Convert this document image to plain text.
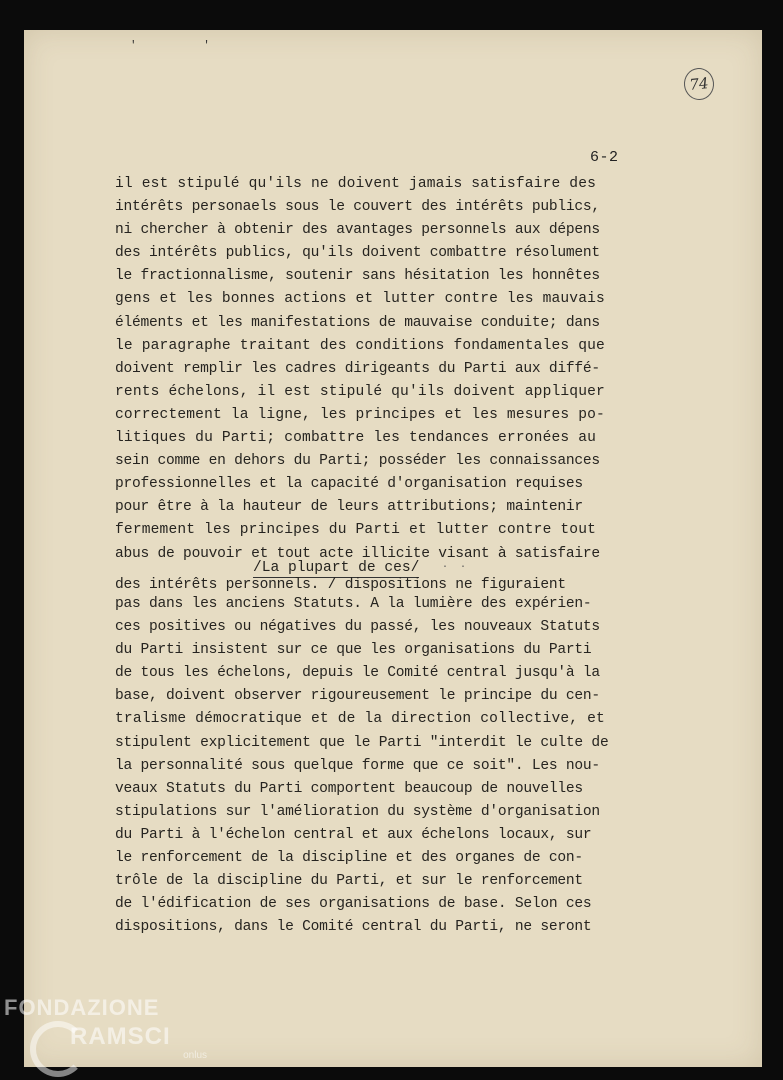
' '
74
6-2
il est stipulé qu'ils ne doivent jamais satisfaire des
intérêts personaels sous le couvert des intérêts publics,
ni chercher à obtenir des avantages personnels aux dépens
des intérêts publics, qu'ils doivent combattre résolument
le fractionnalisme, soutenir sans hésitation les honnêtes
gens et les bonnes actions et lutter contre les mauvais
éléments et les manifestations de mauvaise conduite; dans
le paragraphe traitant des conditions fondamentales que
doivent remplir les cadres dirigeants du Parti aux diffé-
rents échelons, il est stipulé qu'ils doivent appliquer
correctement la ligne, les principes et les mesures po-
litiques du Parti; combattre les tendances erronées au
sein comme en dehors du Parti; posséder les connaissances
professionnelles et la capacité d'organisation requises
pour être à la hauteur de leurs attributions; maintenir
fermement les principes du Parti et lutter contre tout
abus de pouvoir et tout acte illicite visant à satisfaire
/La plupart de ces/ · ·
des intérêts personnels. / dispositions ne figuraient
pas dans les anciens Statuts. A la lumière des expérien-
ces positives ou négatives du passé, les nouveaux Statuts
du Parti insistent sur ce que les organisations du Parti
de tous les échelons, depuis le Comité central jusqu'à la
base, doivent observer rigoureusement le principe du cen-
tralisme démocratique et de la direction collective, et
stipulent explicitement que le Parti "interdit le culte de
la personnalité sous quelque forme que ce soit". Les nou-
veaux Statuts du Parti comportent beaucoup de nouvelles
stipulations sur l'amélioration du système d'organisation
du Parti à l'échelon central et aux échelons locaux, sur
le renforcement de la discipline et des organes de con-
trôle de la discipline du Parti, et sur le renforcement
de l'édification de ses organisations de base. Selon ces
dispositions, dans le Comité central du Parti, ne seront
FONDAZIONE
RAMSCI $_{onlus}$
